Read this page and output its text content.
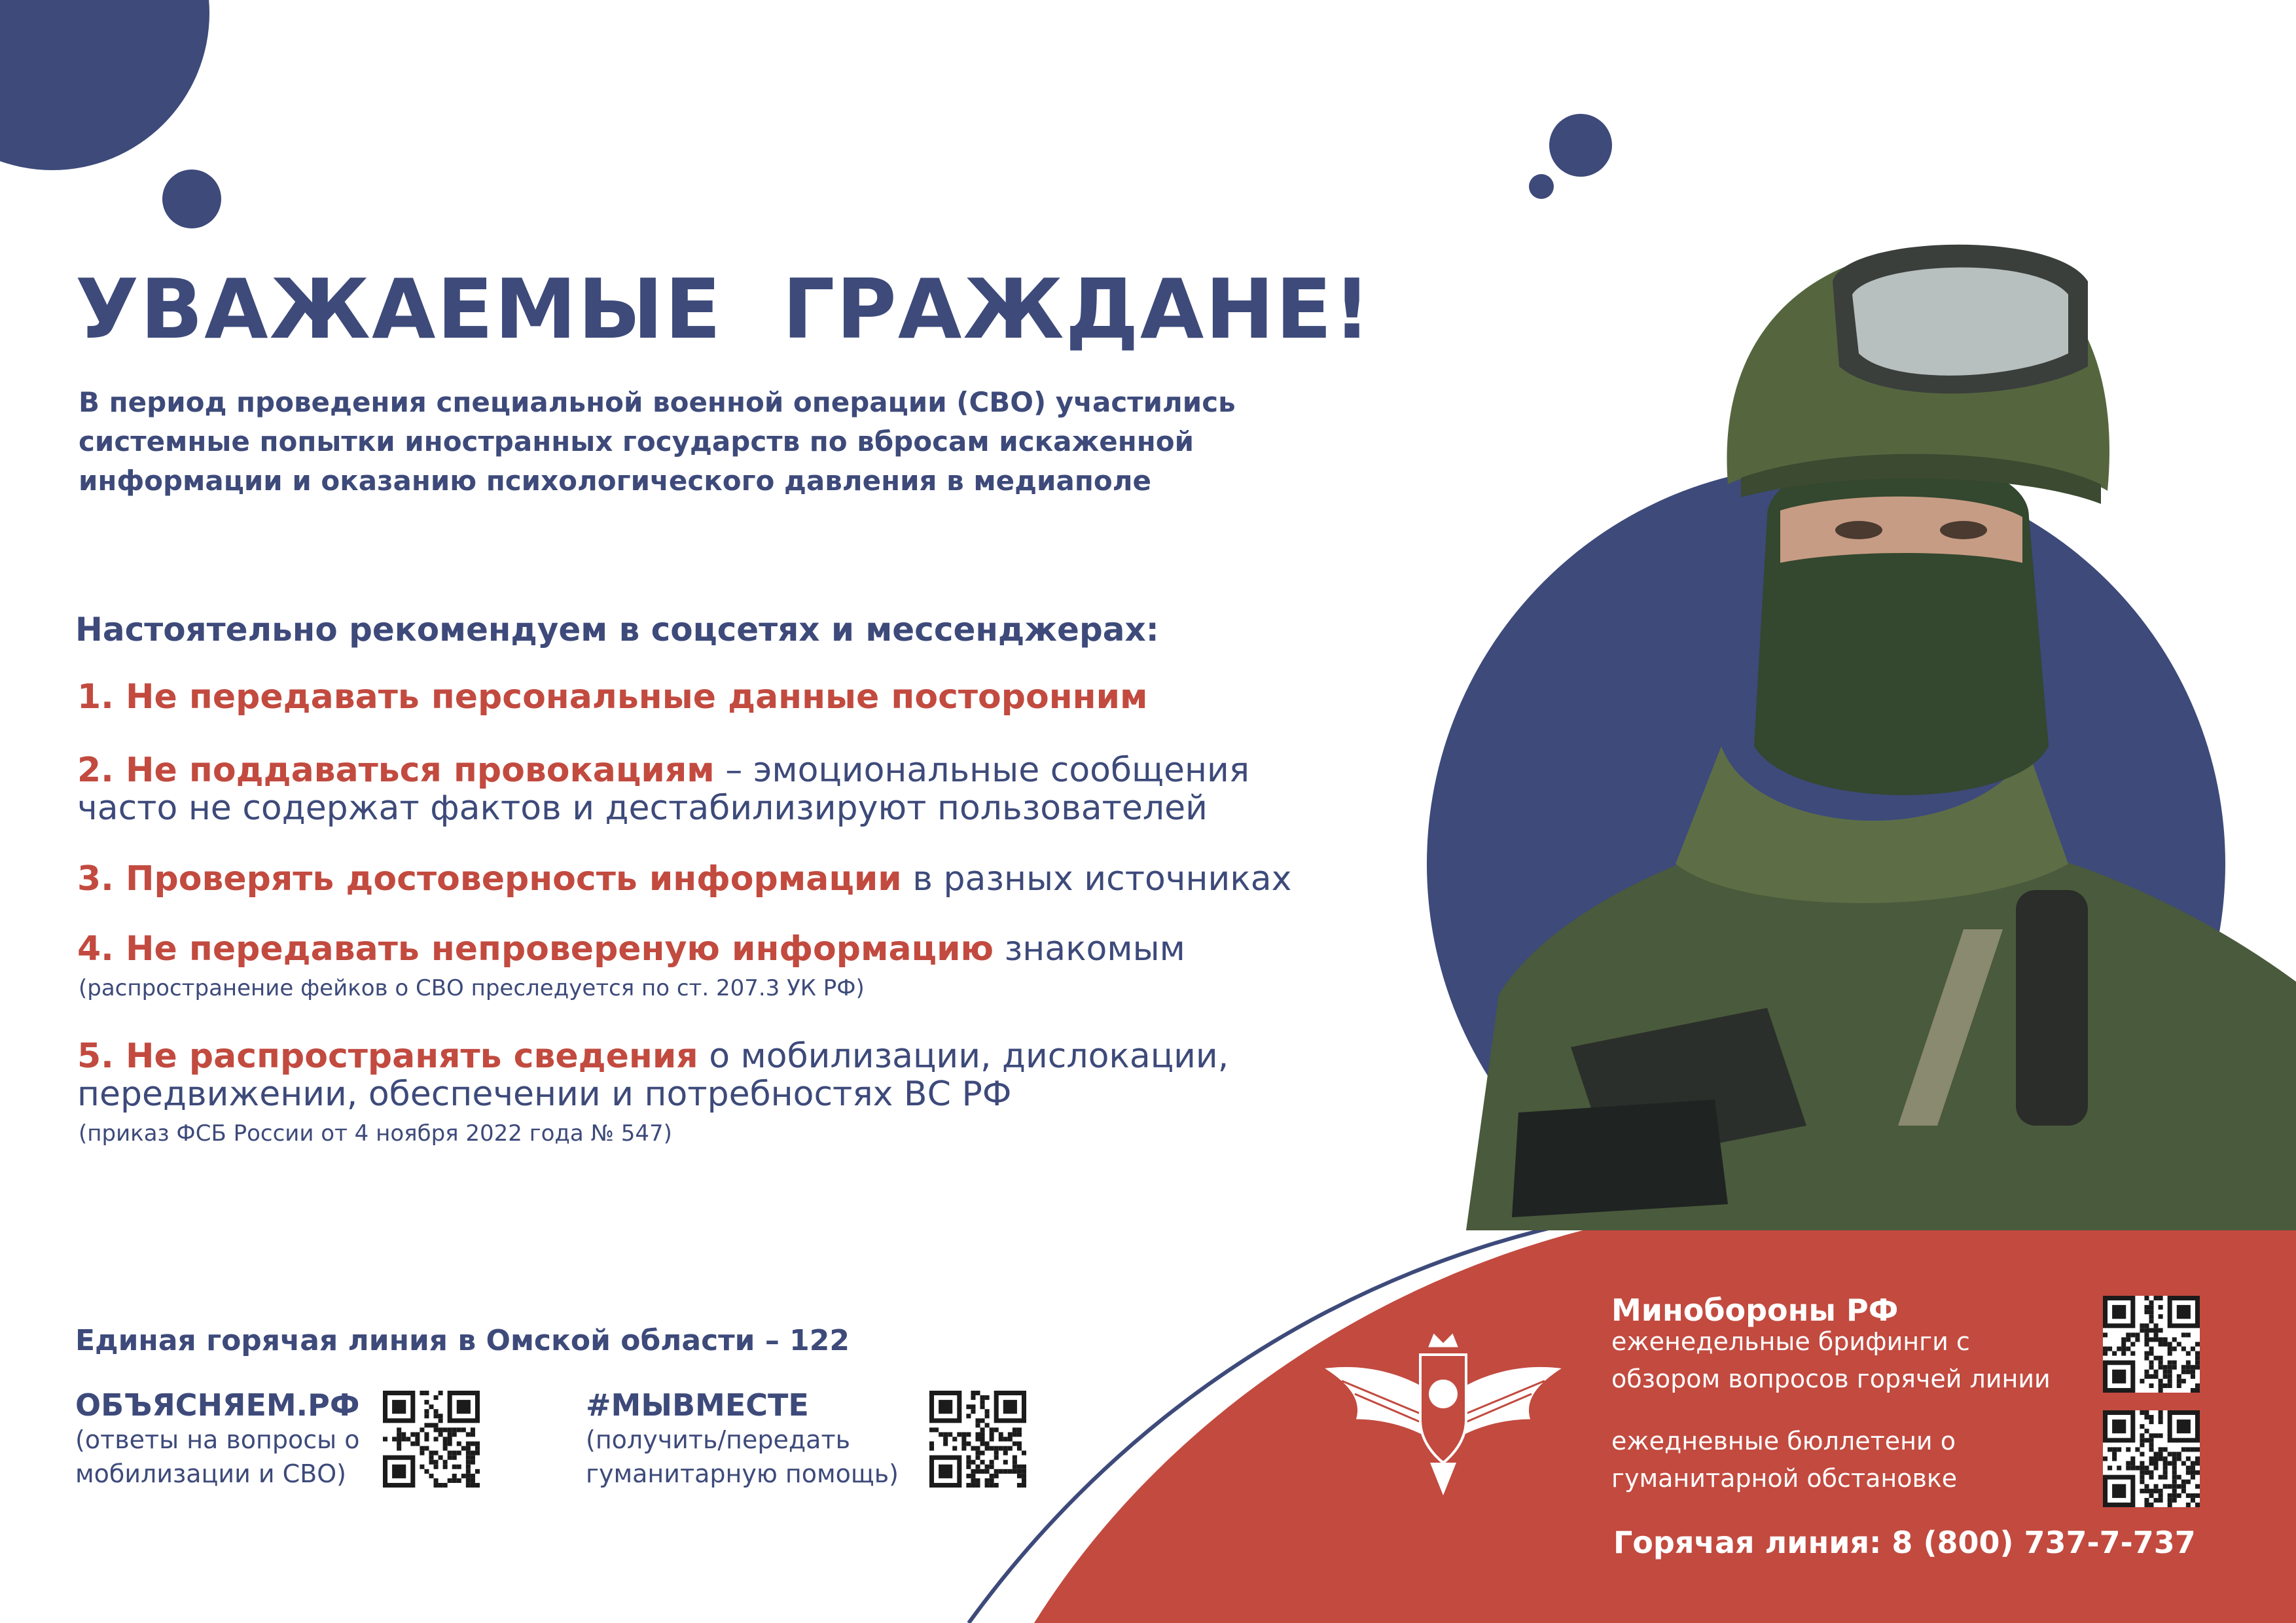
УВАЖАЕМЫЕ  ГРАЖДАНЕ!
В период проведения специальной военной операции (СВО) участились
системные попытки иностранных государств по вбросам искаженной
информации и оказанию психологического давления в медиаполе
Настоятельно рекомендуем в соцсетях и мессенджерах:
1. Не передавать персональные данные посторонним
2. Не поддаваться провокациям – эмоциональные сообщения
часто не содержат фактов и дестабилизируют пользователей
3. Проверять достоверность информации в разных источниках
4. Не передавать непровереную информацию знакомым
(распространение фейков о СВО преследуется по ст. 207.3 УК РФ)
5. Не распространять сведения о мобилизации, дислокации,
передвижении, обеспечении и потребностях ВС РФ
(приказ ФСБ России от 4 ноября 2022 года № 547)
Единая горячая линия в Омской области – 122
ОБЪЯСНЯЕМ.РФ
(ответы на вопросы о
мобилизации и СВО)
#МЫВМЕСТЕ
(получить/передать
гуманитарную помощь)
Минобороны РФ
еженедельные брифинги с
обзором вопросов горячей линии
ежедневные бюллетени о
гуманитарной обстановке
Горячая линия: 8 (800) 737-7-737
